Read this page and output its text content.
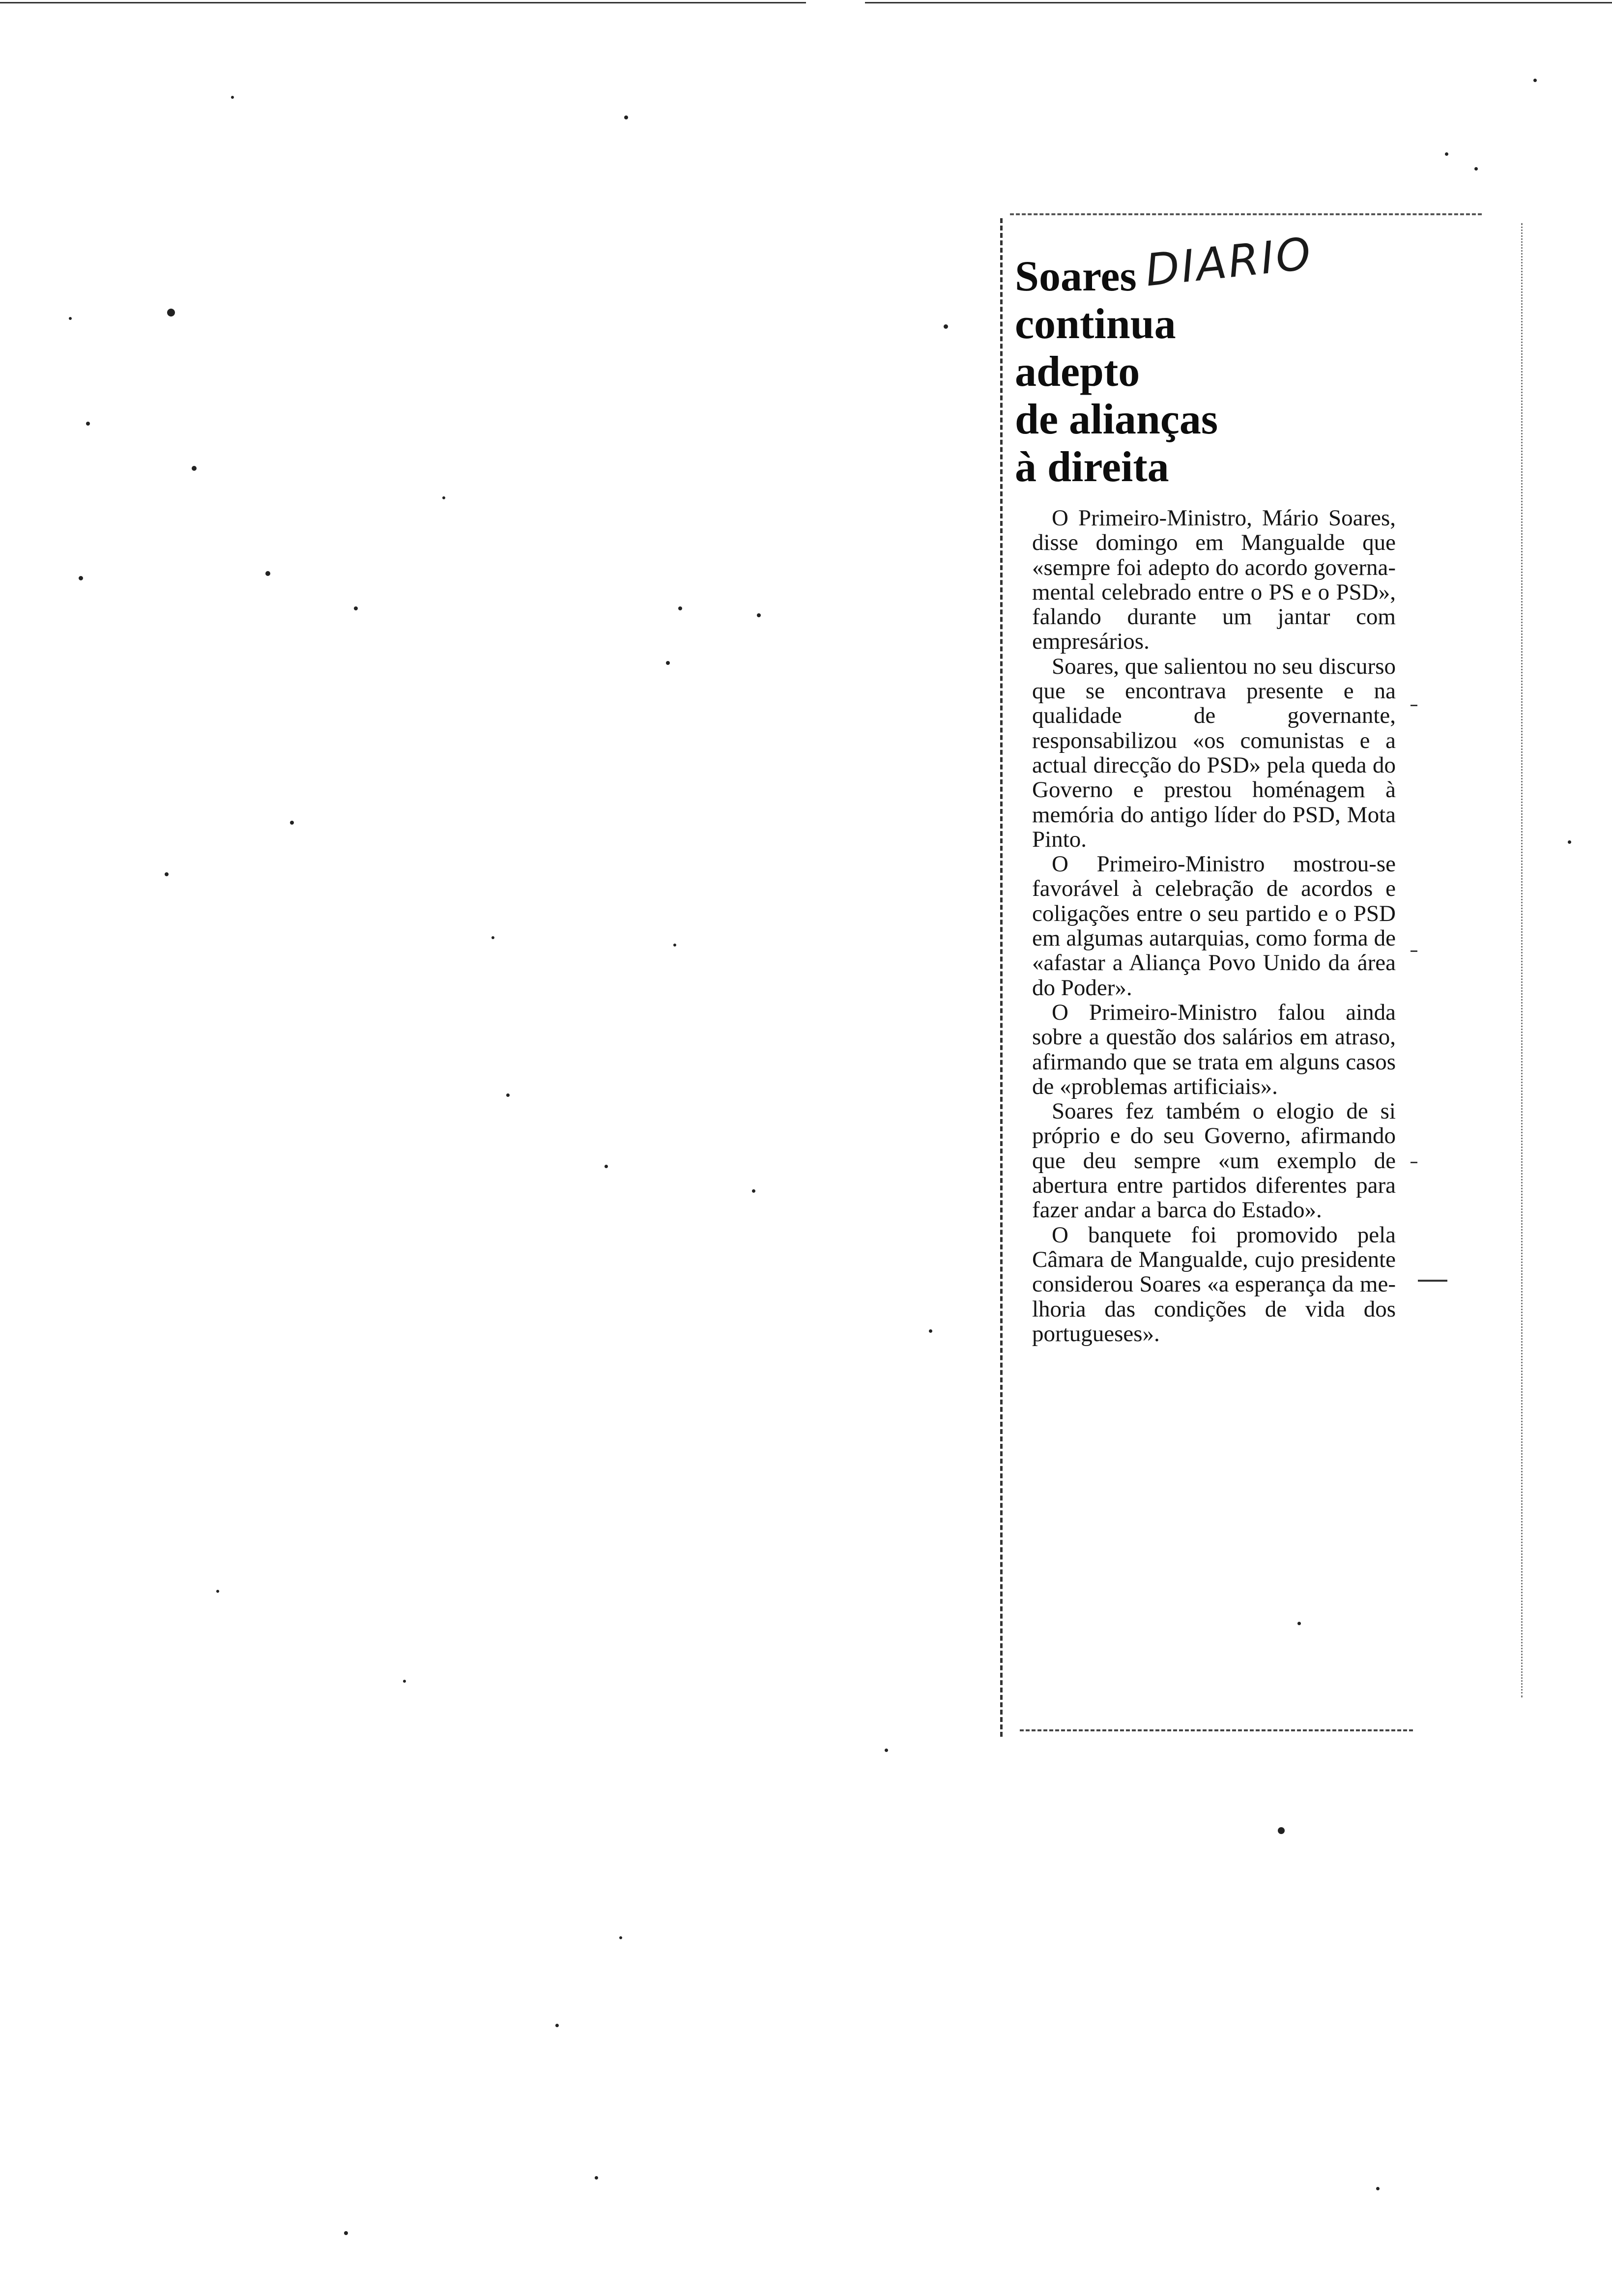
Soares
continua
adepto
de alianças
à direita
DIARIO

O Primeiro-Ministro, Mário Soares, disse domingo em Mangualde que «sempre foi adepto do acordo governamental celebrado entre o PS e o PSD», falando durante um jantar com empresários.

Soares, que salientou no seu discurso que se encontrava presente e na qualidade de governante, responsabilizou «os comunistas e a actual direcção do PSD» pela queda do Governo e prestou homénagem à memória do antigo líder do PSD, Mota Pinto.

O Primeiro-Ministro mostrou-se favorável à celebração de acordos e coligações entre o seu partido e o PSD em algumas autarquias, como forma de «afastar a Aliança Povo Unido da área do Poder».

O Primeiro-Ministro falou ainda sobre a questão dos salários em atraso, afirmando que se trata em alguns casos de «problemas artificiais».

Soares fez também o elogio de si próprio e do seu Governo, afirmando que deu sempre «um exemplo de abertura entre partidos diferentes para fazer andar a barca do Estado».

O banquete foi promovido pela Câmara de Mangualde, cujo presidente considerou Soares «a esperança da melhoria das condições de vida dos portugueses».
